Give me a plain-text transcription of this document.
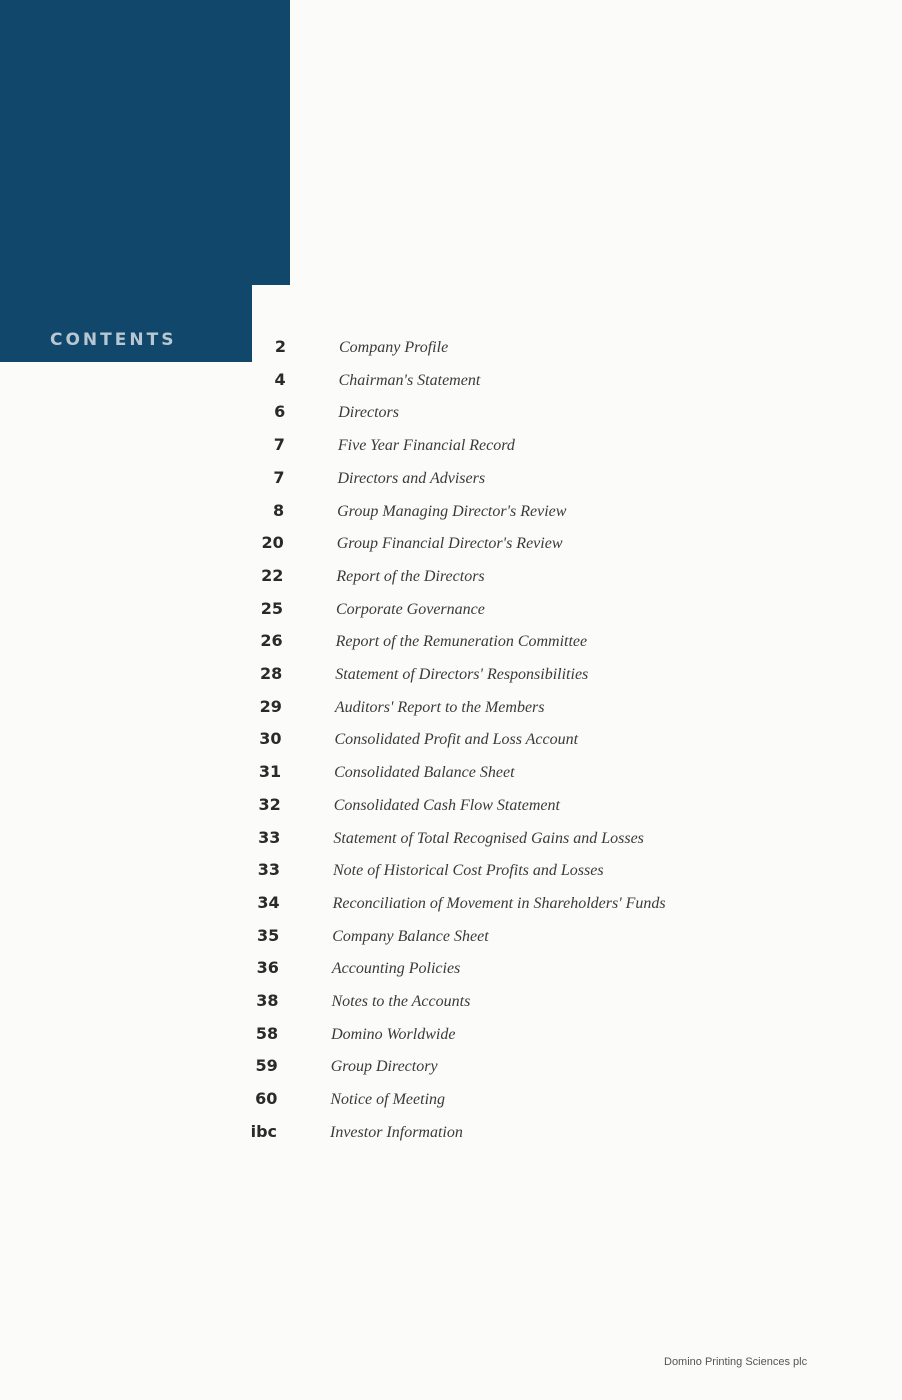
CONTENTS	2	Company Profile
4	Chairman's Statement
6	Directors
7	Five Year Financial Record
7	Directors and Advisers
8	Group Managing Director's Review
20	Group Financial Director's Review
22	Report of the Directors
25	Corporate Governance
26	Report of the Remuneration Committee
28	Statement of Directors' Responsibilities
29	Auditors' Report to the Members
30	Consolidated Profit and Loss Account
31	Consolidated Balance Sheet
32	Consolidated Cash Flow Statement
33	Statement of Total Recognised Gains and Losses
33	Note of Historical Cost Profits and Losses
34	Reconciliation of Movement in Shareholders' Funds
35	Company Balance Sheet
36	Accounting Policies
38	Notes to the Accounts
58	Domino Worldwide
59	Group Directory
60	Notice of Meeting
ibc	Investor Information
Domino Printing Sciences plc
